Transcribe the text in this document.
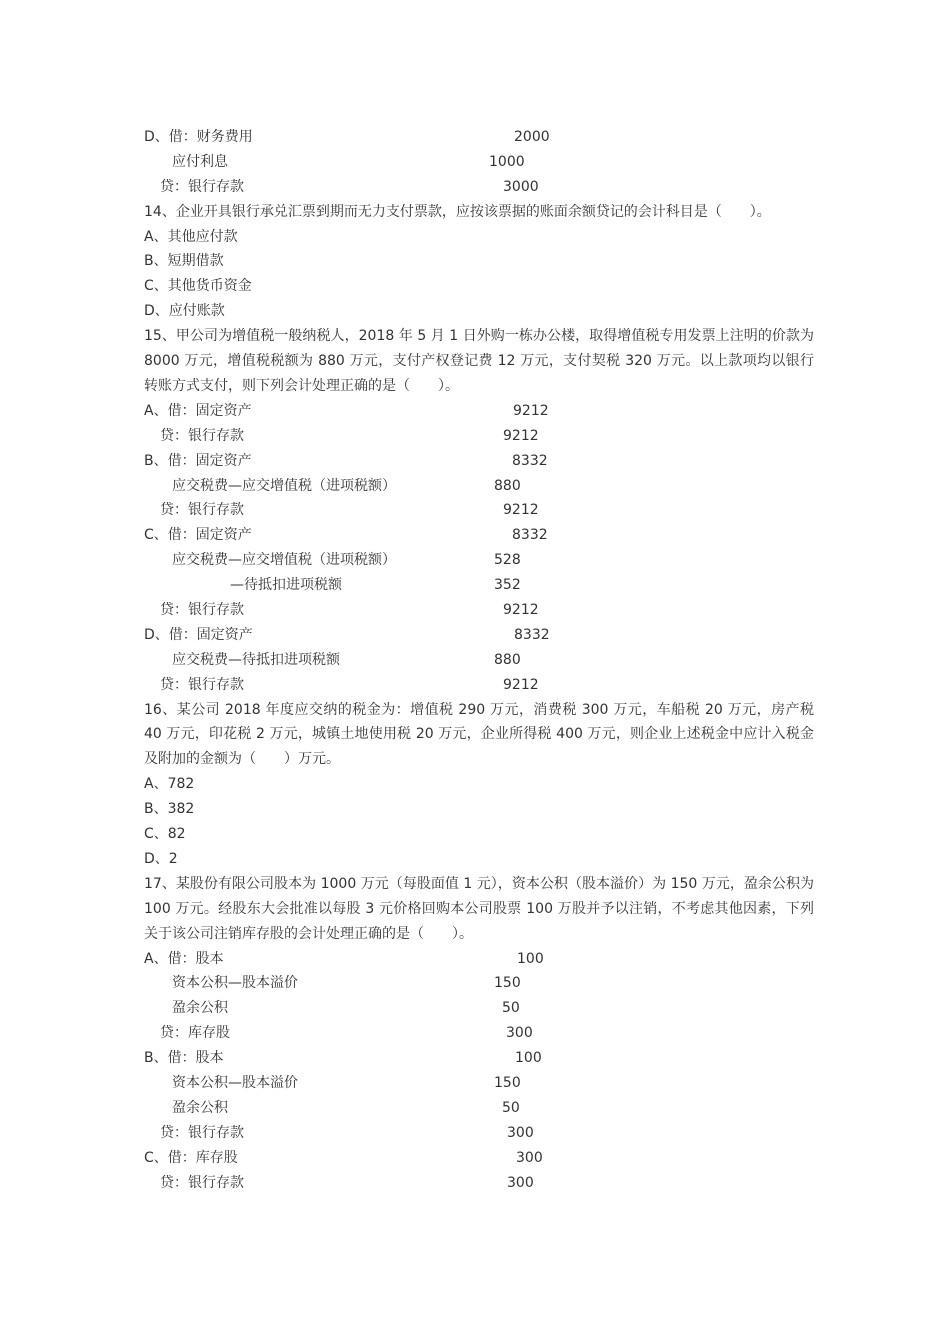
D、借：财务费用	2000
应付利息	1000
贷：银行存款	3000
14、企业开具银行承兑汇票到期而无力支付票款，应按该票据的账面余额贷记的会计科目是（　　）。
A、其他应付款
B、短期借款
C、其他货币资金
D、应付账款
15、甲公司为增值税一般纳税人，2018 年 5 月 1 日外购一栋办公楼，取得增值税专用发票上注明的价款为 8000 万元，增值税税额为 880 万元，支付产权登记费 12 万元，支付契税 320 万元。以上款项均以银行转账方式支付，则下列会计处理正确的是（　　）。
A、借：固定资产	9212
贷：银行存款	9212
B、借：固定资产	8332
应交税费—应交增值税（进项税额）	880
贷：银行存款	9212
C、借：固定资产	8332
应交税费—应交增值税（进项税额）	528
—待抵扣进项税额	352
贷：银行存款	9212
D、借：固定资产	8332
应交税费—待抵扣进项税额	880
贷：银行存款	9212
16、某公司 2018 年度应交纳的税金为：增值税 290 万元，消费税 300 万元，车船税 20 万元，房产税 40 万元，印花税 2 万元，城镇土地使用税 20 万元，企业所得税 400 万元，则企业上述税金中应计入税金及附加的金额为（　　）万元。
A、782
B、382
C、82
D、2
17、某股份有限公司股本为 1000 万元（每股面值 1 元），资本公积（股本溢价）为 150 万元，盈余公积为 100 万元。经股东大会批准以每股 3 元价格回购本公司股票 100 万股并予以注销，不考虑其他因素，下列关于该公司注销库存股的会计处理正确的是（　　）。
A、借：股本	100
资本公积—股本溢价	150
盈余公积	50
贷：库存股	300
B、借：股本	100
资本公积—股本溢价	150
盈余公积	50
贷：银行存款	300
C、借：库存股	300
贷：银行存款	300
